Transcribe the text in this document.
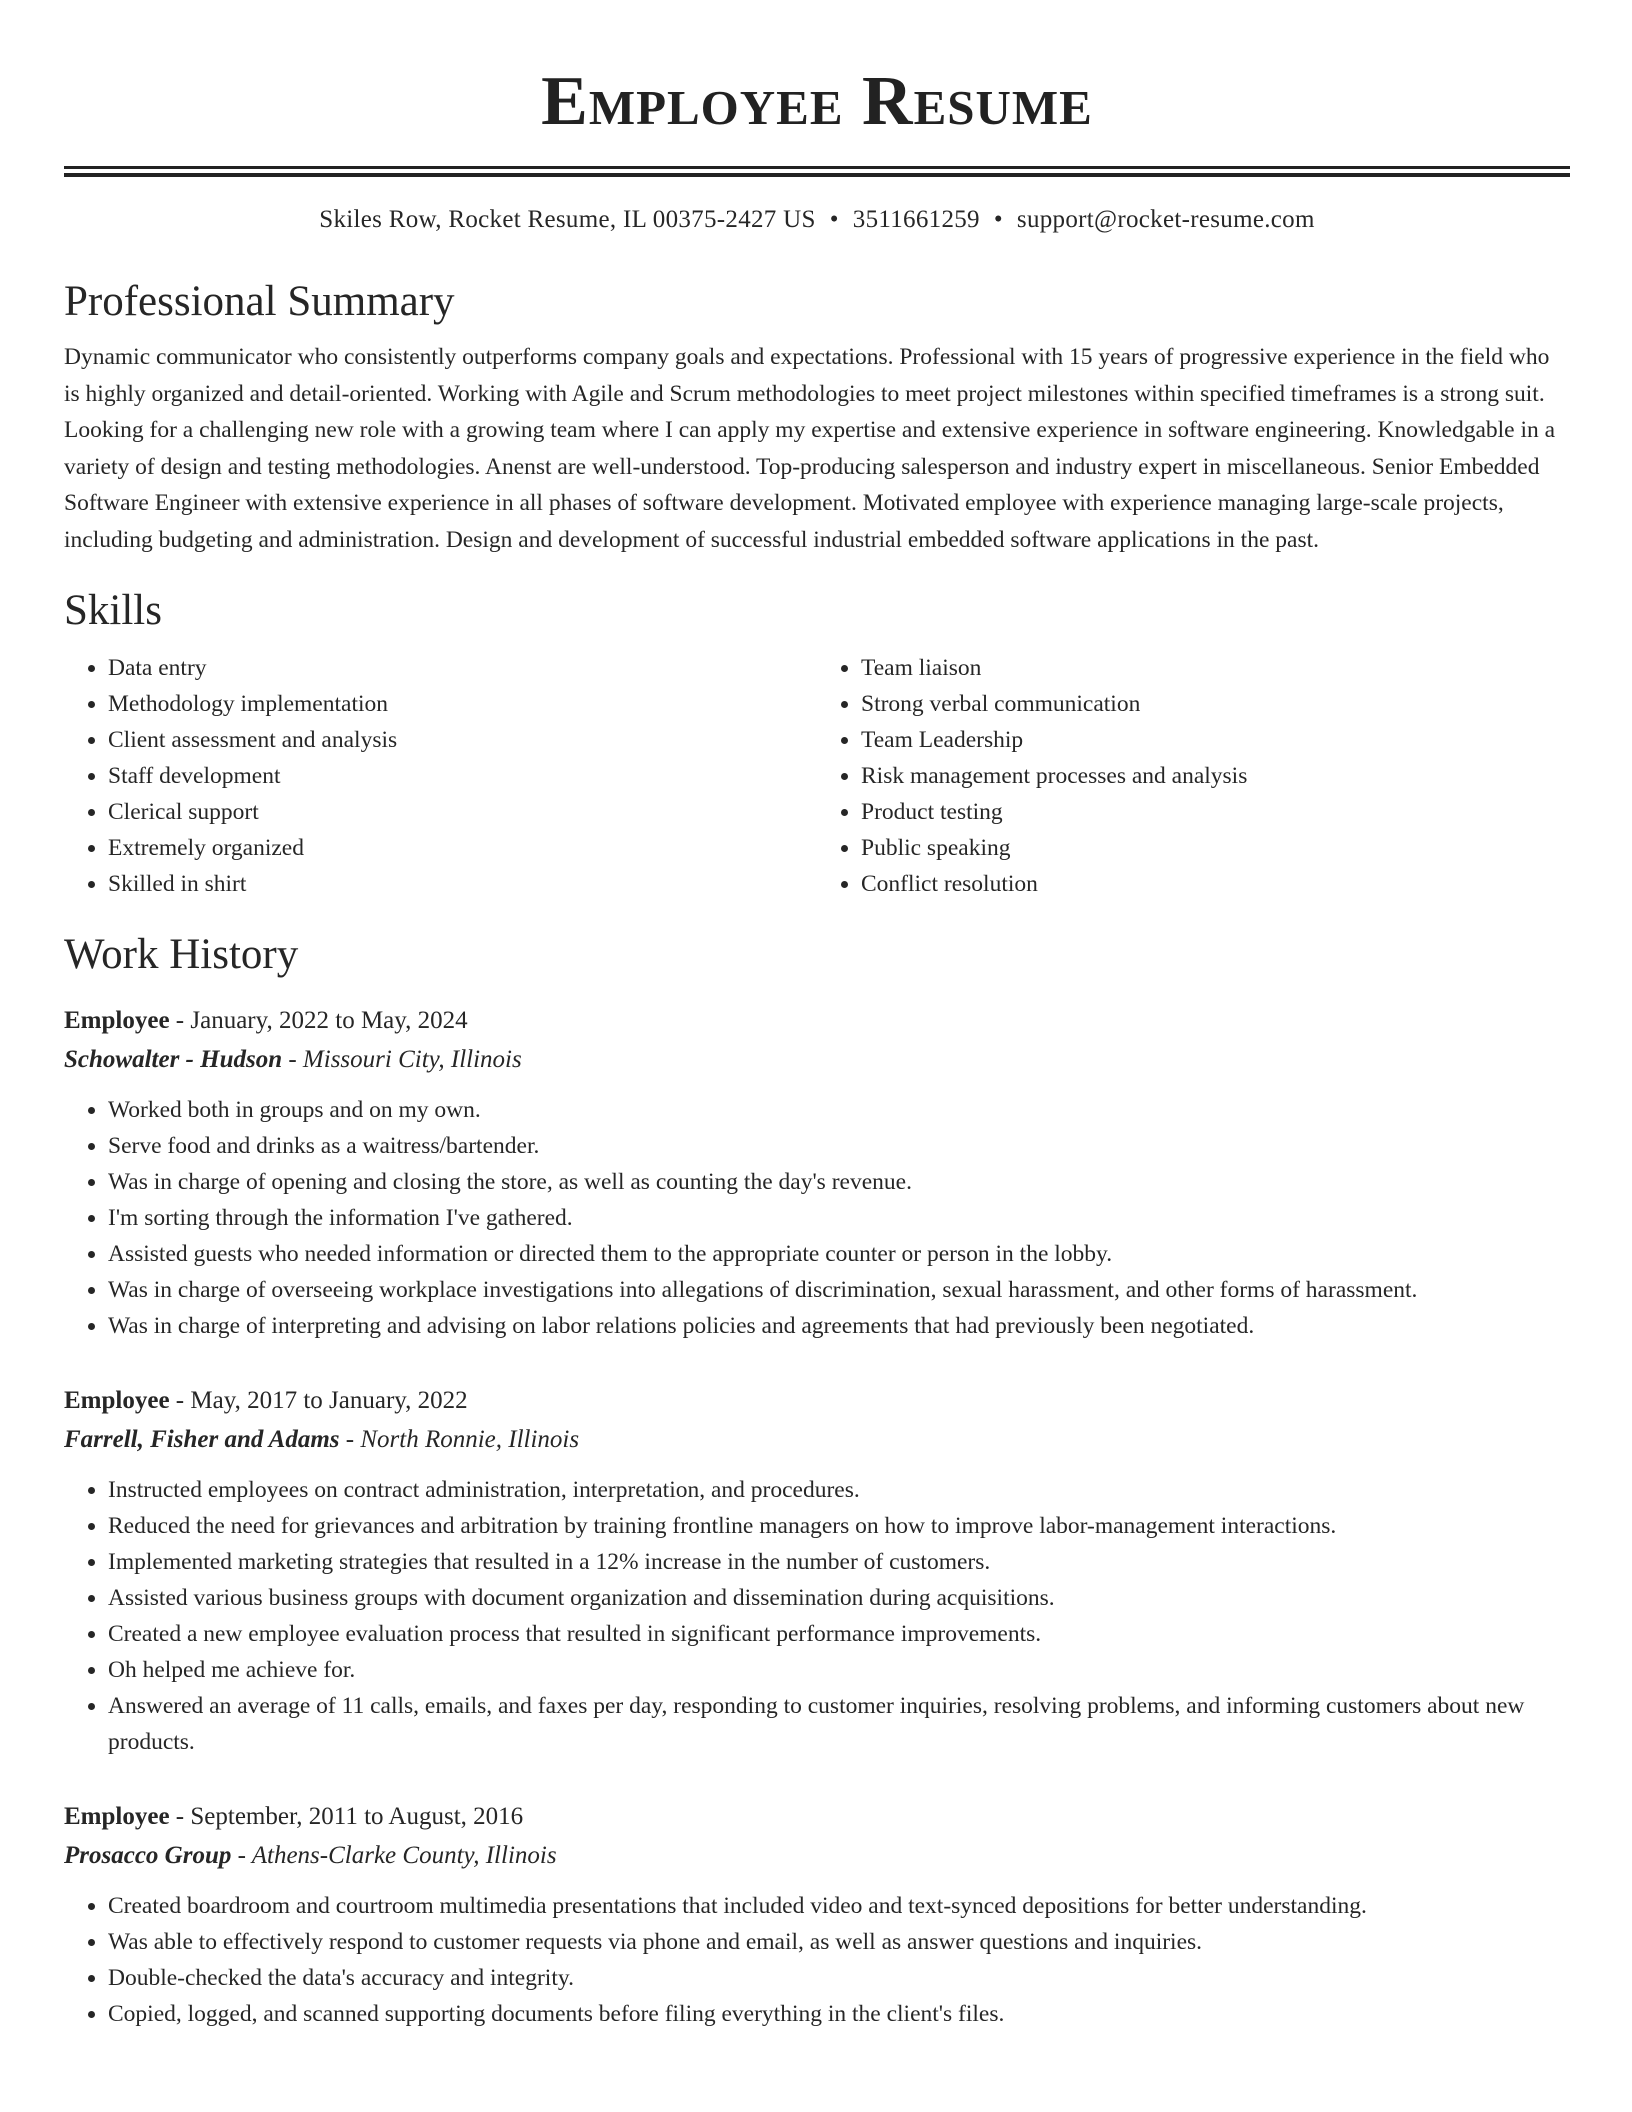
Employee Resume
Skiles Row, Rocket Resume, IL 00375-2427 US • 3511661259 • support@rocket-resume.com
Professional Summary

Dynamic communicator who consistently outperforms company goals and expectations. Professional with 15 years of progressive experience in the field who is highly organized and detail-oriented. Working with Agile and Scrum methodologies to meet project milestones within specified timeframes is a strong suit. Looking for a challenging new role with a growing team where I can apply my expertise and extensive experience in software engineering. Knowledgable in a variety of design and testing methodologies. Anenst are well-understood. Top-producing salesperson and industry expert in miscellaneous. Senior Embedded Software Engineer with extensive experience in all phases of software development. Motivated employee with experience managing large-scale projects, including budgeting and administration. Design and development of successful industrial embedded software applications in the past.

Skills
• Data entry
• Methodology implementation
• Client assessment and analysis
• Staff development
• Clerical support
• Extremely organized
• Skilled in shirt
• Team liaison
• Strong verbal communication
• Team Leadership
• Risk management processes and analysis
• Product testing
• Public speaking
• Conflict resolution
Work History
Employee - January, 2022 to May, 2024
Schowalter - Hudson - Missouri City, Illinois
• Worked both in groups and on my own.
• Serve food and drinks as a waitress/bartender.
• Was in charge of opening and closing the store, as well as counting the day's revenue.
• I'm sorting through the information I've gathered.
• Assisted guests who needed information or directed them to the appropriate counter or person in the lobby.
• Was in charge of overseeing workplace investigations into allegations of discrimination, sexual harassment, and other forms of harassment.
• Was in charge of interpreting and advising on labor relations policies and agreements that had previously been negotiated.
Employee - May, 2017 to January, 2022
Farrell, Fisher and Adams - North Ronnie, Illinois
• Instructed employees on contract administration, interpretation, and procedures.
• Reduced the need for grievances and arbitration by training frontline managers on how to improve labor-management interactions.
• Implemented marketing strategies that resulted in a 12% increase in the number of customers.
• Assisted various business groups with document organization and dissemination during acquisitions.
• Created a new employee evaluation process that resulted in significant performance improvements.
• Oh helped me achieve for.
• Answered an average of 11 calls, emails, and faxes per day, responding to customer inquiries, resolving problems, and informing customers about new products.
Employee - September, 2011 to August, 2016
Prosacco Group - Athens-Clarke County, Illinois
• Created boardroom and courtroom multimedia presentations that included video and text-synced depositions for better understanding.
• Was able to effectively respond to customer requests via phone and email, as well as answer questions and inquiries.
• Double-checked the data's accuracy and integrity.
• Copied, logged, and scanned supporting documents before filing everything in the client's files.
